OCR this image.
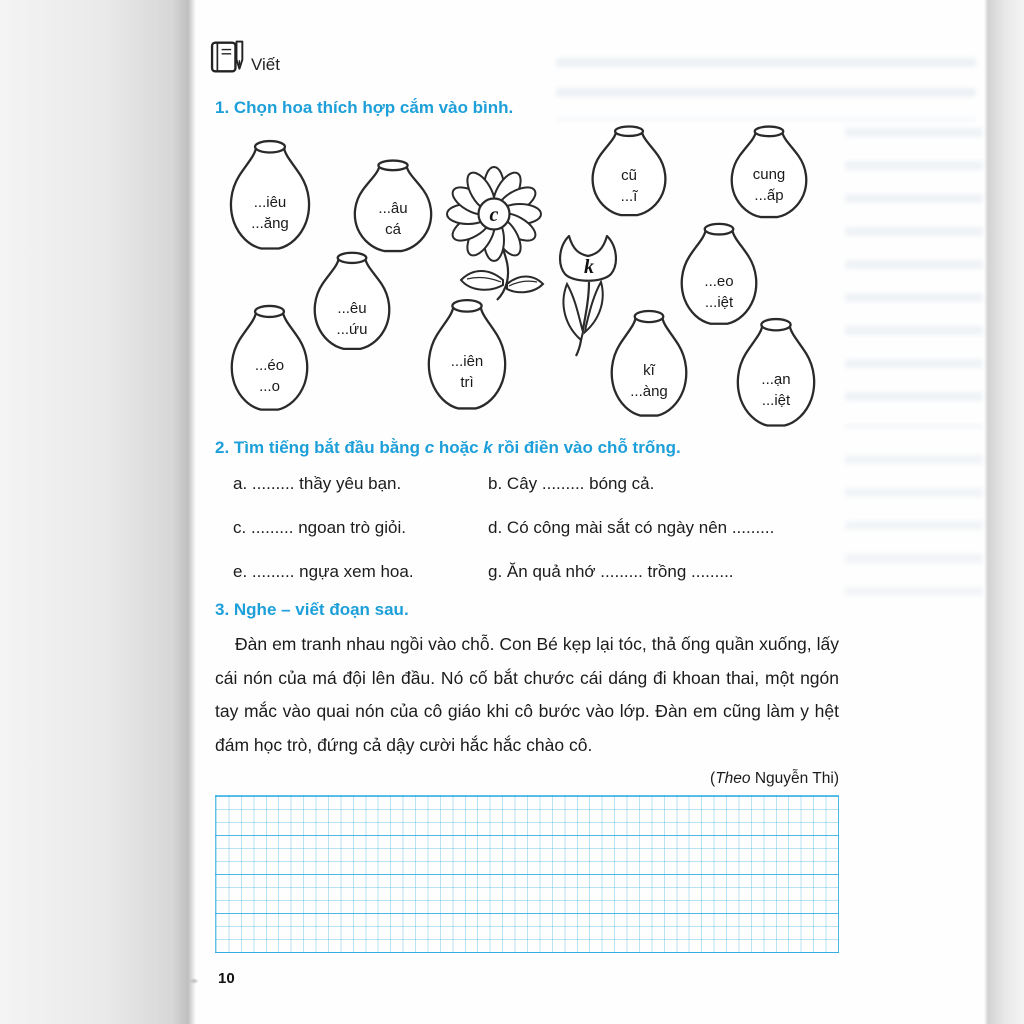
Viết
1. Chọn hoa thích hợp cắm vào bình.
...iêu
...ăng
...âu
cá
cũ
...ĩ
cung
...ấp
...êu
...ứu
...eo
...iệt
...éo
...o
...iên
trì
kĩ
...àng
...ạn
...iệt
c
k
2. Tìm tiếng bắt đầu bằng c hoặc k rồi điền vào chỗ trống.
a. ......... thầy yêu bạn.	b. Cây ......... bóng cả.
c. ......... ngoan trò giỏi.	d. Có công mài sắt có ngày nên .........
e. ......... ngựa xem hoa.	g. Ăn quả nhớ ......... trồng .........
3. Nghe – viết đoạn sau.

Đàn em tranh nhau ngồi vào chỗ. Con Bé kẹp lại tóc, thả ống quần xuống, lấy cái nón của má đội lên đầu. Nó cố bắt chước cái dáng đi khoan thai, một ngón tay mắc vào quai nón của cô giáo khi cô bước vào lớp. Đàn em cũng làm y hệt đám học trò, đứng cả dậy cười hắc hắc chào cô.

(Theo Nguyễn Thi)
10
